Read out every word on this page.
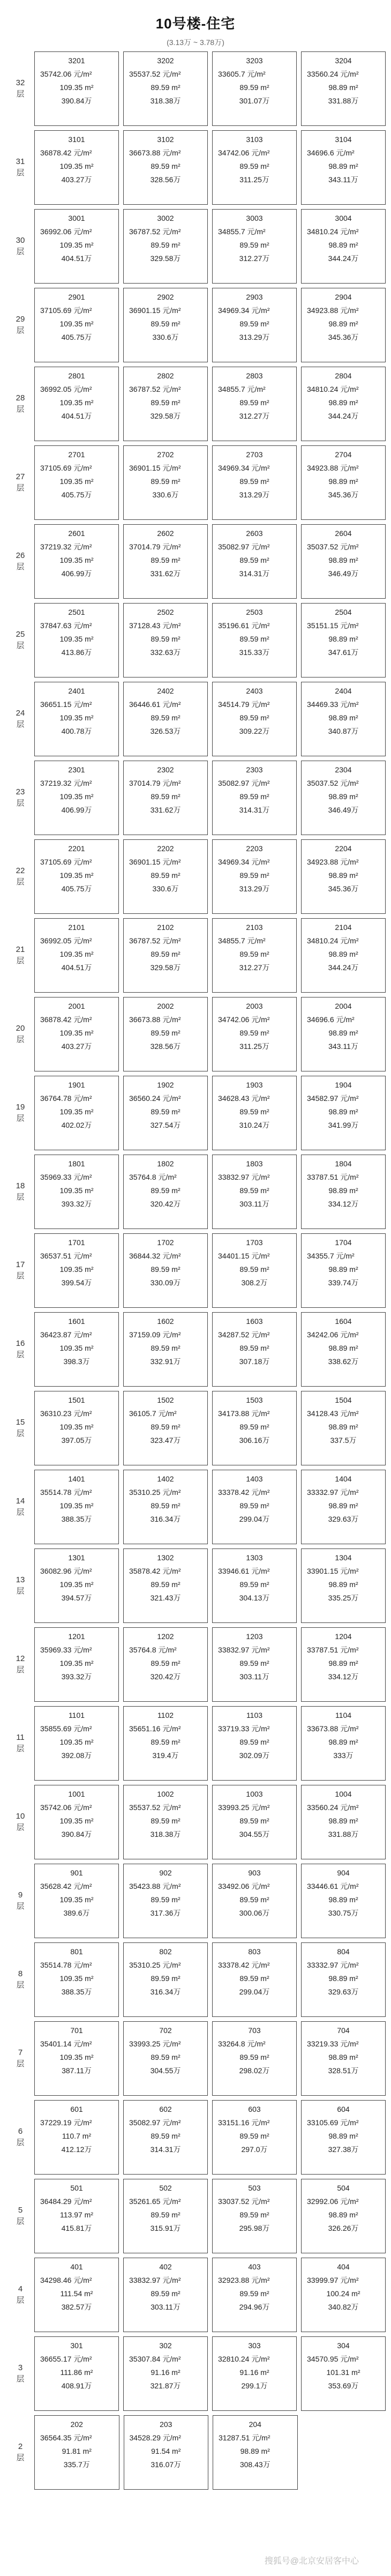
10号楼-住宅
(3.13万 ~ 3.78万)
32
层
3201
35742.06 元/m²
109.35 m²
390.84万
3202
35537.52 元/m²
89.59 m²
318.38万
3203
33605.7 元/m²
89.59 m²
301.07万
3204
33560.24 元/m²
98.89 m²
331.88万
31
层
3101
36878.42 元/m²
109.35 m²
403.27万
3102
36673.88 元/m²
89.59 m²
328.56万
3103
34742.06 元/m²
89.59 m²
311.25万
3104
34696.6 元/m²
98.89 m²
343.11万
30
层
3001
36992.06 元/m²
109.35 m²
404.51万
3002
36787.52 元/m²
89.59 m²
329.58万
3003
34855.7 元/m²
89.59 m²
312.27万
3004
34810.24 元/m²
98.89 m²
344.24万
29
层
2901
37105.69 元/m²
109.35 m²
405.75万
2902
36901.15 元/m²
89.59 m²
330.6万
2903
34969.34 元/m²
89.59 m²
313.29万
2904
34923.88 元/m²
98.89 m²
345.36万
28
层
2801
36992.05 元/m²
109.35 m²
404.51万
2802
36787.52 元/m²
89.59 m²
329.58万
2803
34855.7 元/m²
89.59 m²
312.27万
2804
34810.24 元/m²
98.89 m²
344.24万
27
层
2701
37105.69 元/m²
109.35 m²
405.75万
2702
36901.15 元/m²
89.59 m²
330.6万
2703
34969.34 元/m²
89.59 m²
313.29万
2704
34923.88 元/m²
98.89 m²
345.36万
26
层
2601
37219.32 元/m²
109.35 m²
406.99万
2602
37014.79 元/m²
89.59 m²
331.62万
2603
35082.97 元/m²
89.59 m²
314.31万
2604
35037.52 元/m²
98.89 m²
346.49万
25
层
2501
37847.63 元/m²
109.35 m²
413.86万
2502
37128.43 元/m²
89.59 m²
332.63万
2503
35196.61 元/m²
89.59 m²
315.33万
2504
35151.15 元/m²
98.89 m²
347.61万
24
层
2401
36651.15 元/m²
109.35 m²
400.78万
2402
36446.61 元/m²
89.59 m²
326.53万
2403
34514.79 元/m²
89.59 m²
309.22万
2404
34469.33 元/m²
98.89 m²
340.87万
23
层
2301
37219.32 元/m²
109.35 m²
406.99万
2302
37014.79 元/m²
89.59 m²
331.62万
2303
35082.97 元/m²
89.59 m²
314.31万
2304
35037.52 元/m²
98.89 m²
346.49万
22
层
2201
37105.69 元/m²
109.35 m²
405.75万
2202
36901.15 元/m²
89.59 m²
330.6万
2203
34969.34 元/m²
89.59 m²
313.29万
2204
34923.88 元/m²
98.89 m²
345.36万
21
层
2101
36992.05 元/m²
109.35 m²
404.51万
2102
36787.52 元/m²
89.59 m²
329.58万
2103
34855.7 元/m²
89.59 m²
312.27万
2104
34810.24 元/m²
98.89 m²
344.24万
20
层
2001
36878.42 元/m²
109.35 m²
403.27万
2002
36673.88 元/m²
89.59 m²
328.56万
2003
34742.06 元/m²
89.59 m²
311.25万
2004
34696.6 元/m²
98.89 m²
343.11万
19
层
1901
36764.78 元/m²
109.35 m²
402.02万
1902
36560.24 元/m²
89.59 m²
327.54万
1903
34628.43 元/m²
89.59 m²
310.24万
1904
34582.97 元/m²
98.89 m²
341.99万
18
层
1801
35969.33 元/m²
109.35 m²
393.32万
1802
35764.8 元/m²
89.59 m²
320.42万
1803
33832.97 元/m²
89.59 m²
303.11万
1804
33787.51 元/m²
98.89 m²
334.12万
17
层
1701
36537.51 元/m²
109.35 m²
399.54万
1702
36844.32 元/m²
89.59 m²
330.09万
1703
34401.15 元/m²
89.59 m²
308.2万
1704
34355.7 元/m²
98.89 m²
339.74万
16
层
1601
36423.87 元/m²
109.35 m²
398.3万
1602
37159.09 元/m²
89.59 m²
332.91万
1603
34287.52 元/m²
89.59 m²
307.18万
1604
34242.06 元/m²
98.89 m²
338.62万
15
层
1501
36310.23 元/m²
109.35 m²
397.05万
1502
36105.7 元/m²
89.59 m²
323.47万
1503
34173.88 元/m²
89.59 m²
306.16万
1504
34128.43 元/m²
98.89 m²
337.5万
14
层
1401
35514.78 元/m²
109.35 m²
388.35万
1402
35310.25 元/m²
89.59 m²
316.34万
1403
33378.42 元/m²
89.59 m²
299.04万
1404
33332.97 元/m²
98.89 m²
329.63万
13
层
1301
36082.96 元/m²
109.35 m²
394.57万
1302
35878.42 元/m²
89.59 m²
321.43万
1303
33946.61 元/m²
89.59 m²
304.13万
1304
33901.15 元/m²
98.89 m²
335.25万
12
层
1201
35969.33 元/m²
109.35 m²
393.32万
1202
35764.8 元/m²
89.59 m²
320.42万
1203
33832.97 元/m²
89.59 m²
303.11万
1204
33787.51 元/m²
98.89 m²
334.12万
11
层
1101
35855.69 元/m²
109.35 m²
392.08万
1102
35651.16 元/m²
89.59 m²
319.4万
1103
33719.33 元/m²
89.59 m²
302.09万
1104
33673.88 元/m²
98.89 m²
333万
10
层
1001
35742.06 元/m²
109.35 m²
390.84万
1002
35537.52 元/m²
89.59 m²
318.38万
1003
33993.25 元/m²
89.59 m²
304.55万
1004
33560.24 元/m²
98.89 m²
331.88万
9
层
901
35628.42 元/m²
109.35 m²
389.6万
902
35423.88 元/m²
89.59 m²
317.36万
903
33492.06 元/m²
89.59 m²
300.06万
904
33446.61 元/m²
98.89 m²
330.75万
8
层
801
35514.78 元/m²
109.35 m²
388.35万
802
35310.25 元/m²
89.59 m²
316.34万
803
33378.42 元/m²
89.59 m²
299.04万
804
33332.97 元/m²
98.89 m²
329.63万
7
层
701
35401.14 元/m²
109.35 m²
387.11万
702
33993.25 元/m²
89.59 m²
304.55万
703
33264.8 元/m²
89.59 m²
298.02万
704
33219.33 元/m²
98.89 m²
328.51万
6
层
601
37229.19 元/m²
110.7 m²
412.12万
602
35082.97 元/m²
89.59 m²
314.31万
603
33151.16 元/m²
89.59 m²
297.0万
604
33105.69 元/m²
98.89 m²
327.38万
5
层
501
36484.29 元/m²
113.97 m²
415.81万
502
35261.65 元/m²
89.59 m²
315.91万
503
33037.52 元/m²
89.59 m²
295.98万
504
32992.06 元/m²
98.89 m²
326.26万
4
层
401
34298.46 元/m²
111.54 m²
382.57万
402
33832.97 元/m²
89.59 m²
303.11万
403
32923.88 元/m²
89.59 m²
294.96万
404
33999.97 元/m²
100.24 m²
340.82万
3
层
301
36655.17 元/m²
111.86 m²
408.91万
302
35307.84 元/m²
91.16 m²
321.87万
303
32810.24 元/m²
91.16 m²
299.1万
304
34570.95 元/m²
101.31 m²
353.69万
2
层
202
36564.35 元/m²
91.81 m²
335.7万
203
34528.29 元/m²
91.54 m²
316.07万
204
31287.51 元/m²
98.89 m²
308.43万
搜狐号@北京安居客中心
